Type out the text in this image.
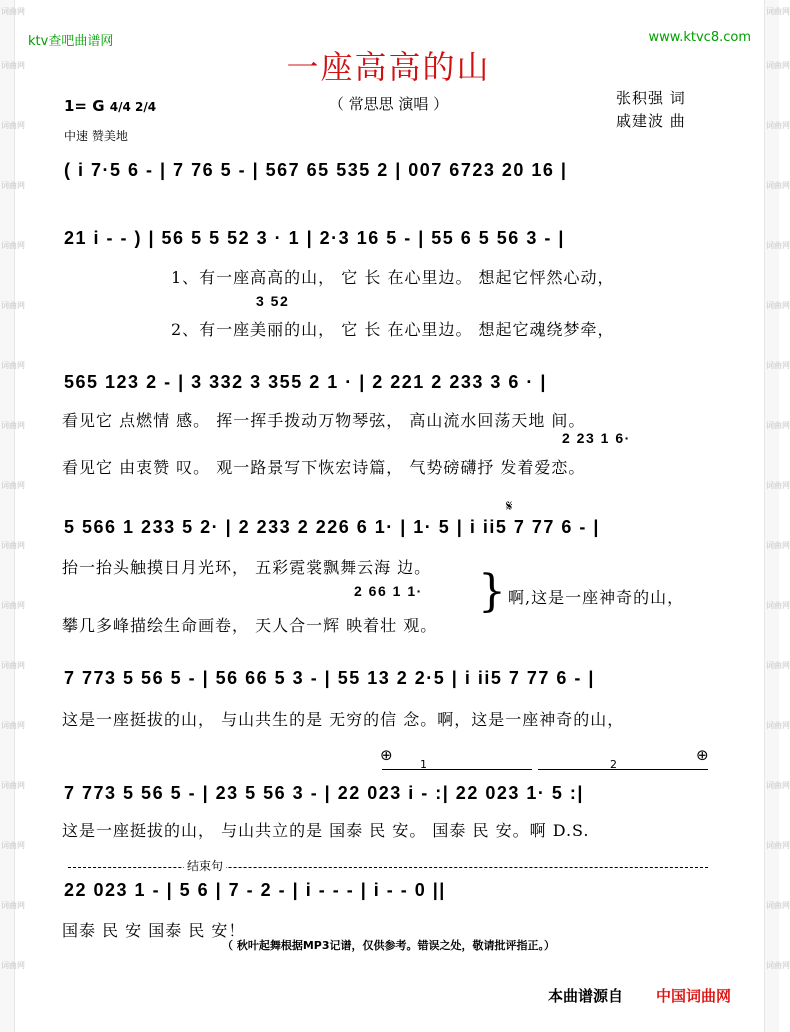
词曲网
词曲网
词曲网
词曲网
词曲网
词曲网
词曲网
词曲网
词曲网
词曲网
词曲网
词曲网
词曲网
词曲网
词曲网
词曲网
词曲网
词曲网
词曲网
词曲网
词曲网
词曲网
词曲网
词曲网
词曲网
词曲网
词曲网
词曲网
词曲网
词曲网
词曲网
词曲网
词曲网
词曲网
ktv查吧曲谱网	www.ktvc8.com
一座高高的山
（ 常思思 演唱 ）
1= G 4/4 2/4
中速 赞美地
张积强 词
戚建波 曲
( i 7·5 6 - | 7 76 5 - | 567 65 535 2 | 007 6723 20 16 |
21 i - - ) | 56 5 5 52 3 · 1 | 2·3 16 5 - | 55 6 5 56 3 - |
565 123 2 - | 3 332 3 355 2 1 · | 2 221 2 233 3 6 · |
5 566 1 233 5 2· | 2 233 2 226 6 1· | 1· 5 | i ii5 7 77 6 - |
7 773 5 56 5 - | 56 66 5 3 - | 55 13 2 2·5 | i ii5 7 77 6 - |
7 773 5 56 5 - | 23 5 56 3 - | 22 023 i - :| 22 023 1· 5 :|
22 023 1 - | 5 6 | 7 - 2 - | i - - - | i - - 0 ||
1、有一座高高的山， 它 长 在心里边。 想起它怦然心动，
2、有一座美丽的山， 它 长 在心里边。 想起它魂绕梦牵，
看见它 点燃情 感。 挥一挥手拨动万物琴弦， 高山流水回荡天地 间。
看见它 由衷赞 叹。 观一路景写下恢宏诗篇， 气势磅礴抒 发着爱恋。
抬一抬头触摸日月光环， 五彩霓裳飘舞云海 边。
攀几多峰描绘生命画卷， 天人合一辉 映着壮 观。
啊,这是一座神奇的山，
这是一座挺拔的山， 与山共生的是 无穷的信 念。啊，这是一座神奇的山，
这是一座挺拔的山， 与山共立的是 国泰 民 安。 国泰 民 安。啊 D.S.
国泰 民 安 国泰 民 安！
3 52
2 23 1 6·
2 66 1 1· }
𝄋
⊕	⊕
1	2
结束句
（ 秋叶起舞根据MP3记谱，仅供参考。错误之处，敬请批评指正。）
本曲谱源自 中国词曲网
